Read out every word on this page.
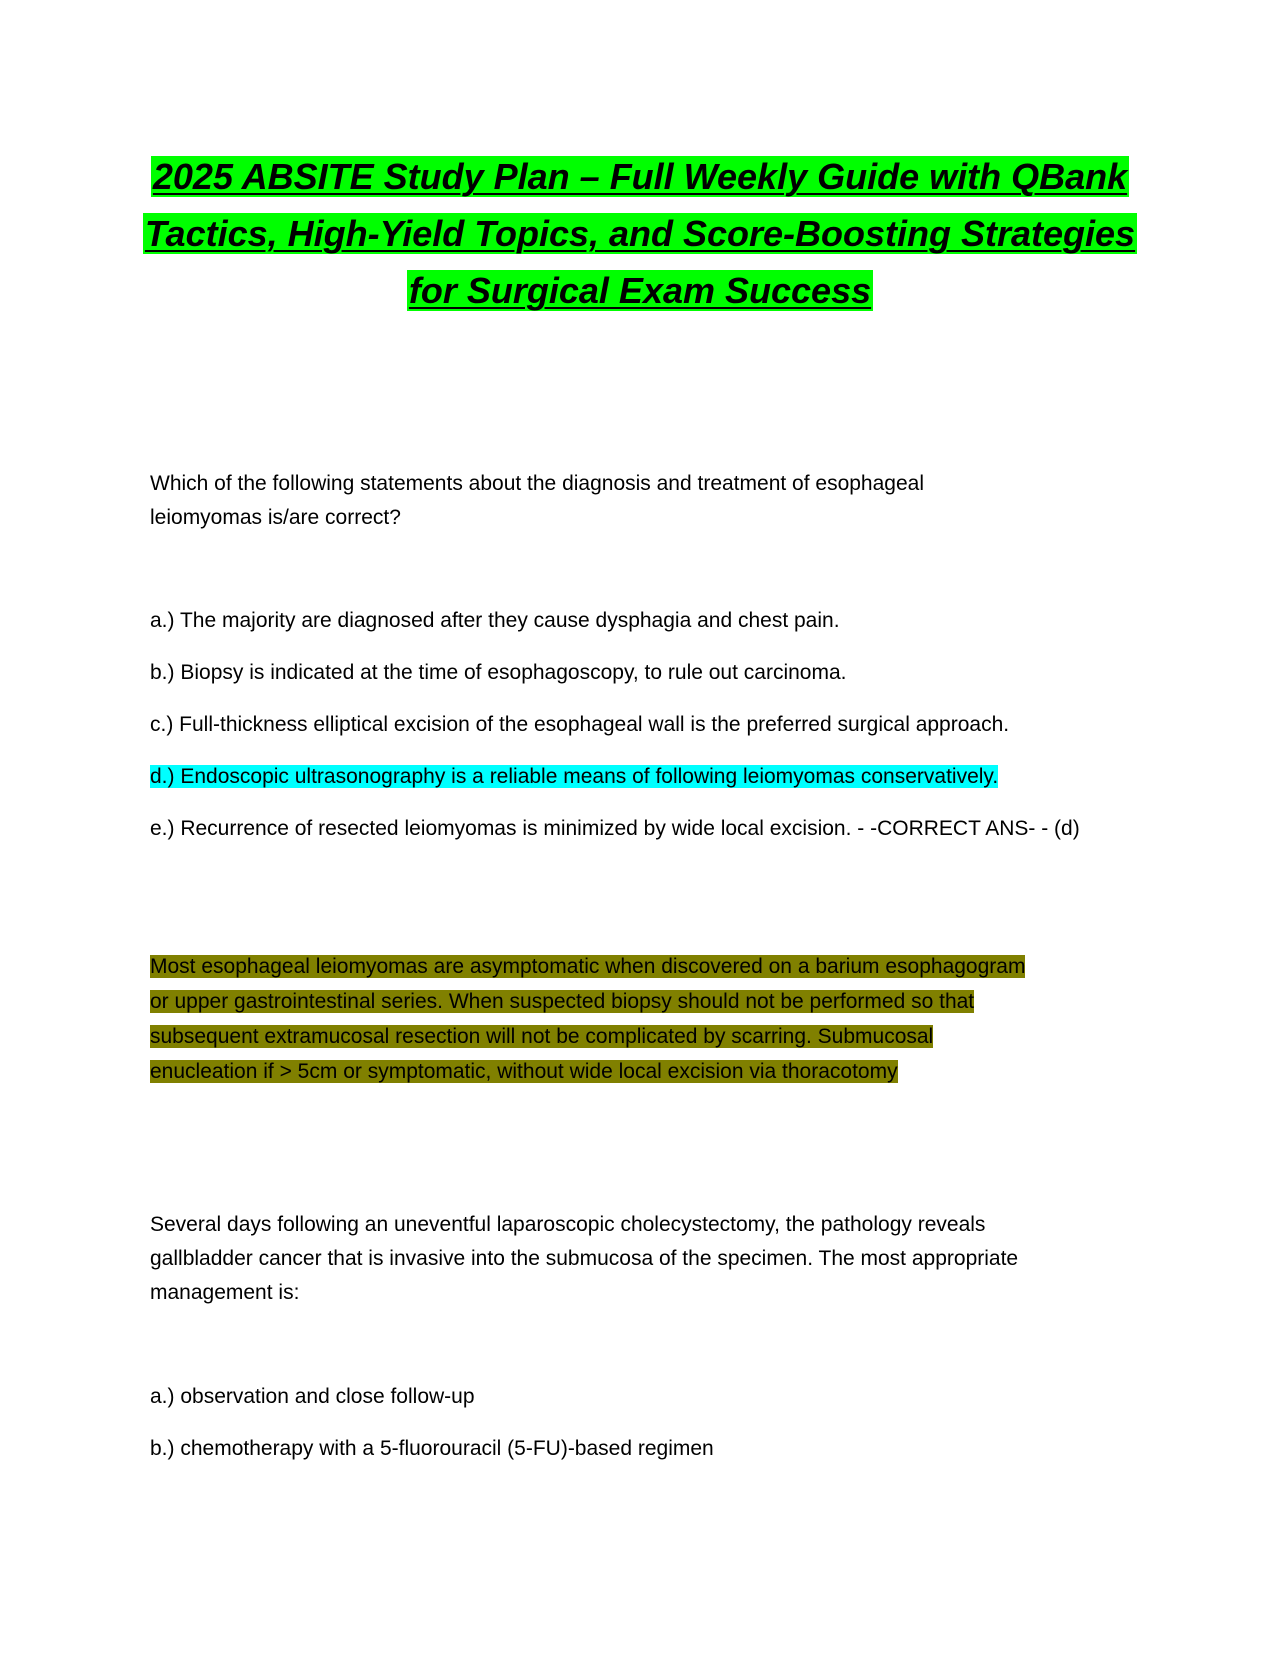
2025 ABSITE Study Plan – Full Weekly Guide with QBank
Tactics, High-Yield Topics, and Score-Boosting Strategies
for Surgical Exam Success
Which of the following statements about the diagnosis and treatment of esophageal
leiomyomas is/are correct?
a.) The majority are diagnosed after they cause dysphagia and chest pain.
b.) Biopsy is indicated at the time of esophagoscopy, to rule out carcinoma.
c.) Full-thickness elliptical excision of the esophageal wall is the preferred surgical approach.
d.) Endoscopic ultrasonography is a reliable means of following leiomyomas conservatively.
e.) Recurrence of resected leiomyomas is minimized by wide local excision. - -CORRECT ANS- - (d)
Most esophageal leiomyomas are asymptomatic when discovered on a barium esophagogram
or upper gastrointestinal series. When suspected biopsy should not be performed so that
subsequent extramucosal resection will not be complicated by scarring. Submucosal
enucleation if > 5cm or symptomatic, without wide local excision via thoracotomy
Several days following an uneventful laparoscopic cholecystectomy, the pathology reveals
gallbladder cancer that is invasive into the submucosa of the specimen. The most appropriate
management is:
a.) observation and close follow-up
b.) chemotherapy with a 5-fluorouracil (5-FU)-based regimen
